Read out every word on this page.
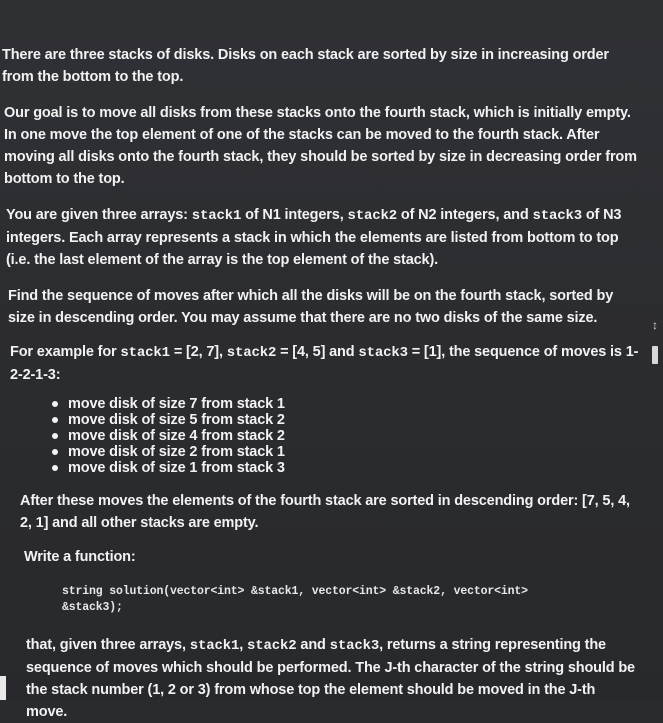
There are three stacks of disks. Disks on each stack are sorted by size in increasing order from the bottom to the top.

Our goal is to move all disks from these stacks onto the fourth stack, which is initially empty. In one move the top element of one of the stacks can be moved to the fourth stack. After moving all disks onto the fourth stack, they should be sorted by size in decreasing order from bottom to the top.

You are given three arrays: stack1 of N1 integers, stack2 of N2 integers, and stack3 of N3 integers. Each array represents a stack in which the elements are listed from bottom to top (i.e. the last element of the array is the top element of the stack).

Find the sequence of moves after which all the disks will be on the fourth stack, sorted by size in descending order. You may assume that there are no two disks of the same size.

For example for stack1 = [2, 7], stack2 = [4, 5] and stack3 = [1], the sequence of moves is 1-2-2-1-3:

move disk of size 7 from stack 1
move disk of size 5 from stack 2
move disk of size 4 from stack 2
move disk of size 2 from stack 1
move disk of size 1 from stack 3

After these moves the elements of the fourth stack are sorted in descending order: [7, 5, 4, 2, 1] and all other stacks are empty.

Write a function:

string solution(vector<int> &stack1, vector<int> &stack2, vector<int>
&stack3);

that, given three arrays, stack1, stack2 and stack3, returns a string representing the sequence of moves which should be performed. The J-th character of the string should be the stack number (1, 2 or 3) from whose top the element should be moved in the J-th move.

↕
